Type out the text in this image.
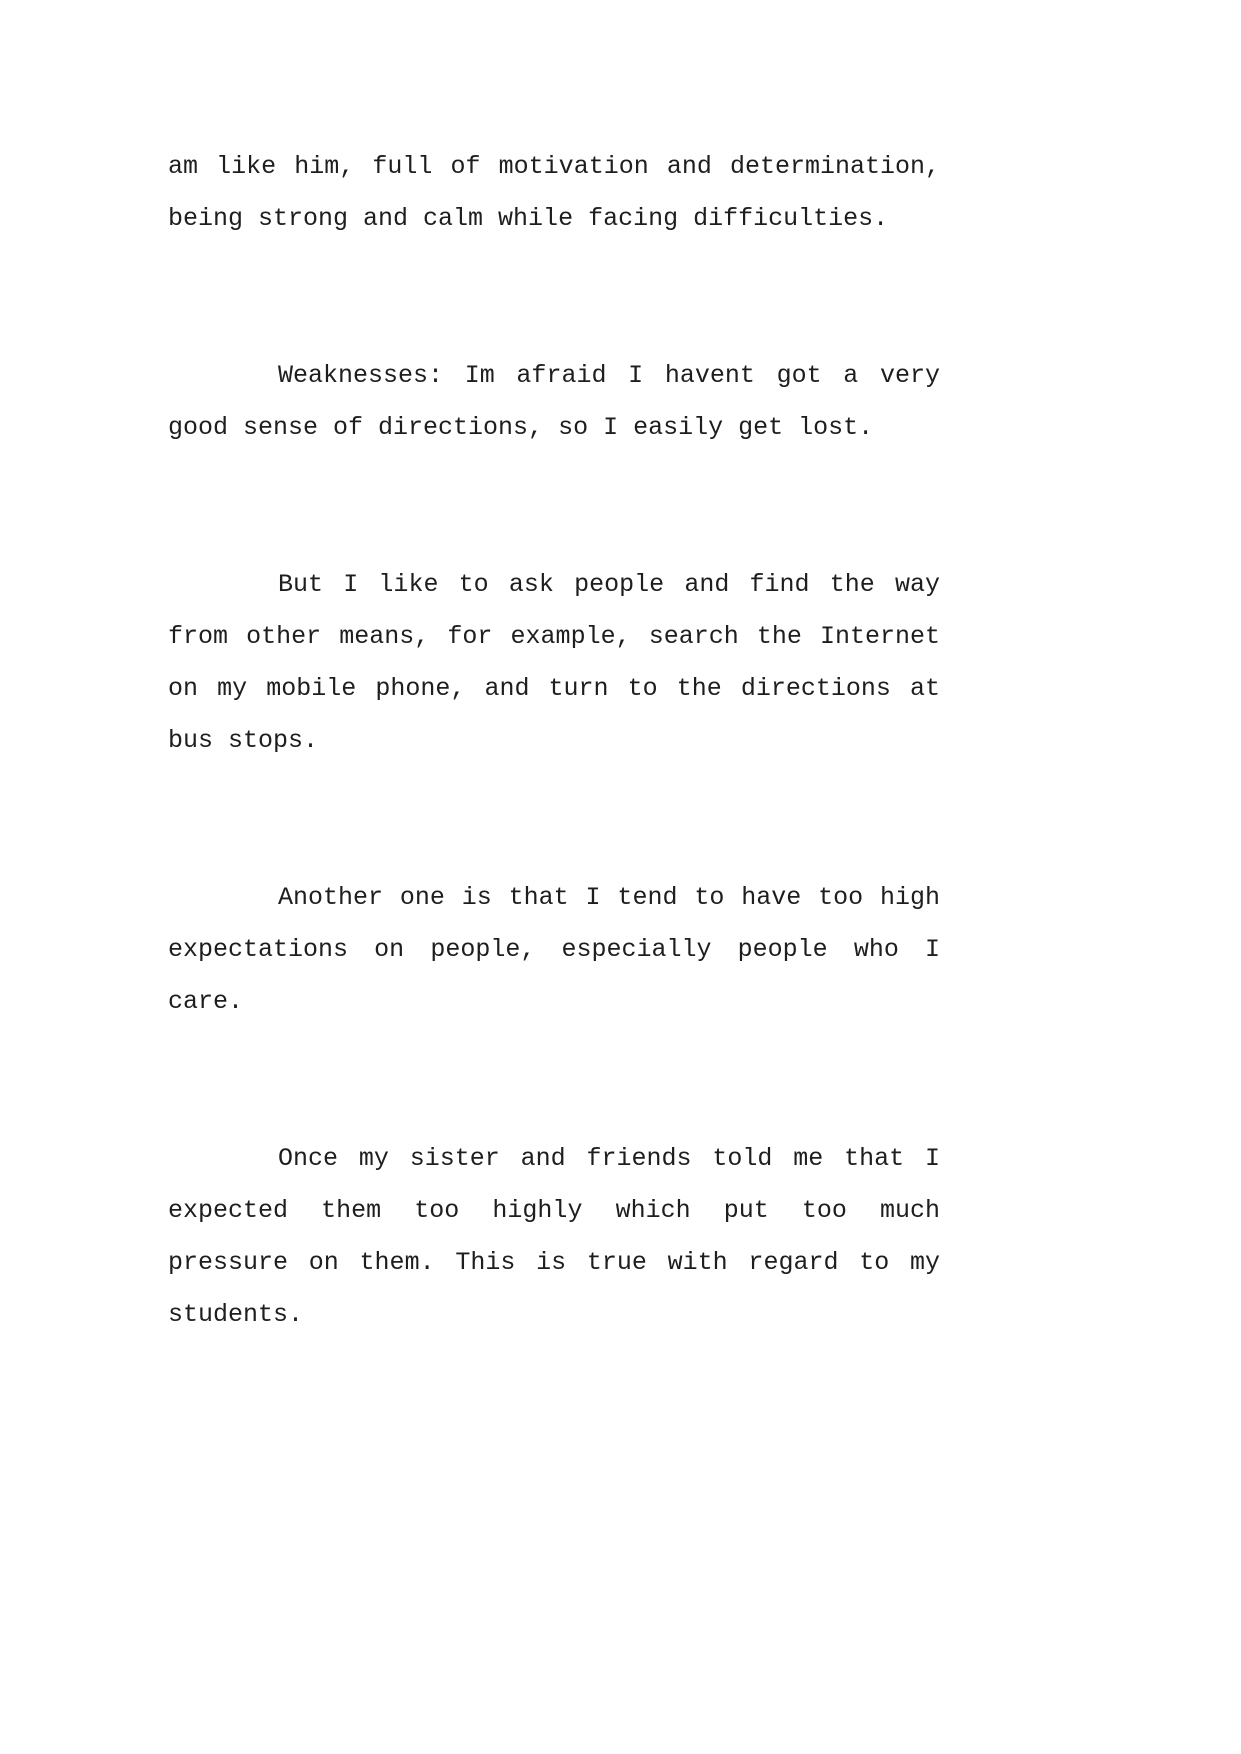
am like him, full of motivation and determination,
being strong and calm while facing difficulties.
Weaknesses: Im afraid I havent got a very
good sense of directions, so I easily get lost.
But I like to ask people and find the way
from other means, for example, search the Internet
on my mobile phone, and turn to the directions at
bus stops.
Another one is that I tend to have too high
expectations on people, especially people who I
care.
Once my sister and friends told me that I
expected them too highly which put too much
pressure on them. This is true with regard to my
students.
